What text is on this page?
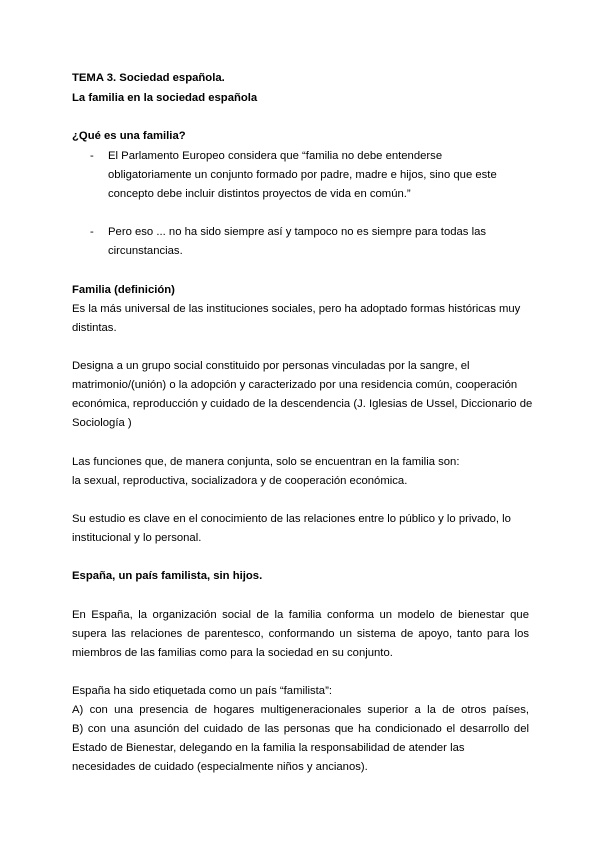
TEMA 3. Sociedad española.
La familia en la sociedad española
¿Qué es una familia?
- El Parlamento Europeo considera que “familia no debe entenderse
obligatoriamente un conjunto formado por padre, madre e hijos, sino que este
concepto debe incluir distintos proyectos de vida en común.”
- Pero eso ... no ha sido siempre así y tampoco no es siempre para todas las
circunstancias.
Familia (definición)
Es la más universal de las instituciones sociales, pero ha adoptado formas históricas muy
distintas.
Designa a un grupo social constituido por personas vinculadas por la sangre, el
matrimonio/(unión) o la adopción y caracterizado por una residencia común, cooperación
económica, reproducción y cuidado de la descendencia (J. Iglesias de Ussel, Diccionario de
Sociología )
Las funciones que, de manera conjunta, solo se encuentran en la familia son:
la sexual, reproductiva, socializadora y de cooperación económica.
Su estudio es clave en el conocimiento de las relaciones entre lo público y lo privado, lo
institucional y lo personal.
España, un país familista, sin hijos.
En España, la organización social de la familia conforma un modelo de bienestar que
supera las relaciones de parentesco, conformando un sistema de apoyo, tanto para los
miembros de las familias como para la sociedad en su conjunto.
España ha sido etiquetada como un país “familista”:
A) con una presencia de hogares multigeneracionales superior a la de otros países,
B) con una asunción del cuidado de las personas que ha condicionado el desarrollo del
Estado de Bienestar, delegando en la familia la responsabilidad de atender las
necesidades de cuidado (especialmente niños y ancianos).
